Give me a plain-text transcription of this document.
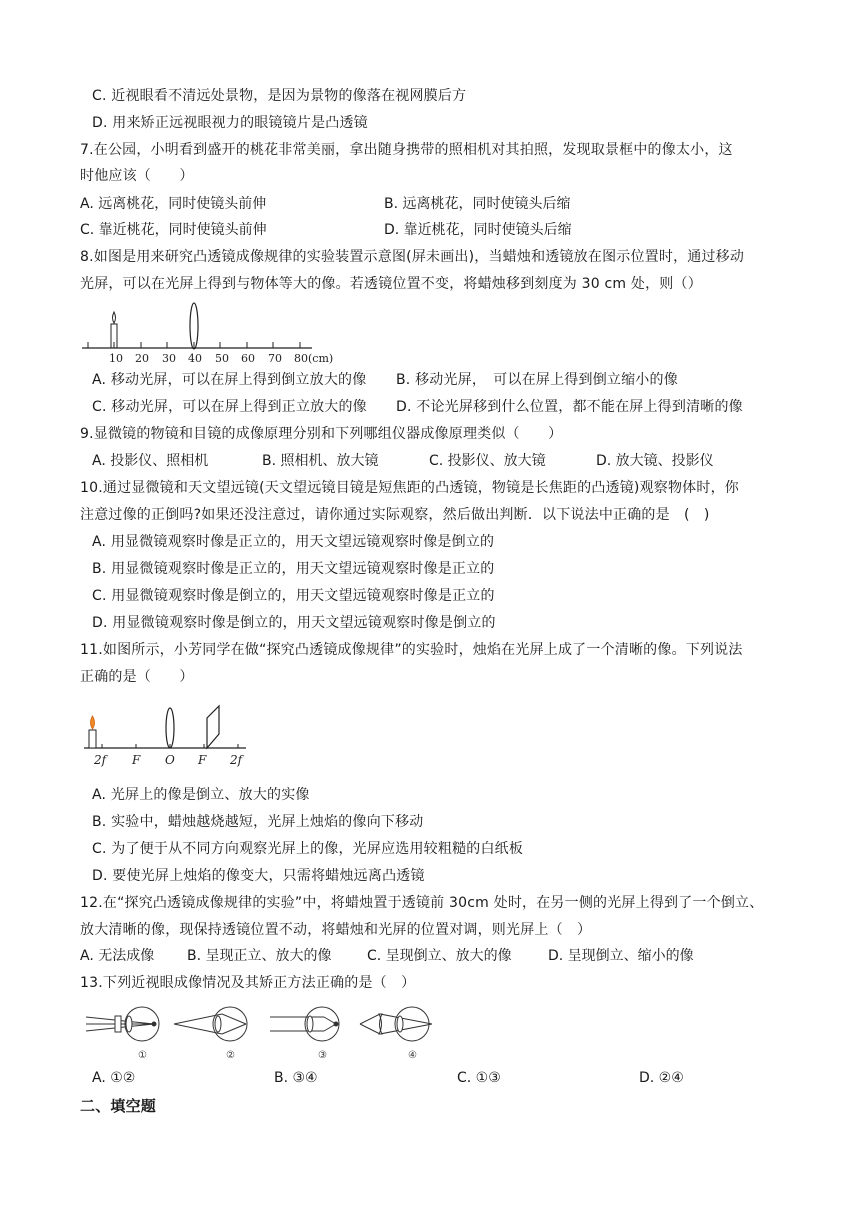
C. 近视眼看不清远处景物，是因为景物的像落在视网膜后方
D. 用来矫正远视眼视力的眼镜镜片是凸透镜
7.在公园，小明看到盛开的桃花非常美丽，拿出随身携带的照相机对其拍照，发现取景框中的像太小，这
时他应该（　　）
A. 远离桃花，同时使镜头前伸	B. 远离桃花，同时使镜头后缩
C. 靠近桃花，同时使镜头前伸	D. 靠近桃花，同时使镜头后缩
8.如图是用来研究凸透镜成像规律的实验装置示意图(屏未画出)，当蜡烛和透镜放在图示位置时，通过移动
光屏，可以在光屏上得到与物体等大的像。若透镜位置不变，将蜡烛移到刻度为 30 cm 处，则（）
10 20 30 40 50 60 70 80(cm)
A. 移动光屏，可以在屏上得到倒立放大的像 B. 移动光屏，　可以在屏上得到倒立缩小的像
C. 移动光屏，可以在屏上得到正立放大的像 D. 不论光屏移到什么位置，都不能在屏上得到清晰的像
9.显微镜的物镜和目镜的成像原理分别和下列哪组仪器成像原理类似（　　）
A. 投影仪、照相机	B. 照相机、放大镜	C. 投影仪、放大镜	D. 放大镜、投影仪
10.通过显微镜和天文望远镜(天文望远镜目镜是短焦距的凸透镜，物镜是长焦距的凸透镜)观察物体时，你
注意过像的正倒吗?如果还没注意过，请你通过实际观察，然后做出判断．以下说法中正确的是　(　)
A. 用显微镜观察时像是正立的，用天文望远镜观察时像是倒立的
B. 用显微镜观察时像是正立的，用天文望远镜观察时像是正立的
C. 用显微镜观察时像是倒立的，用天文望远镜观察时像是正立的
D. 用显微镜观察时像是倒立的，用天文望远镜观察时像是倒立的
11.如图所示，小芳同学在做“探究凸透镜成像规律”的实验时，烛焰在光屏上成了一个清晰的像。下列说法
正确的是（　　）
2f F O F 2f
A. 光屏上的像是倒立、放大的实像
B. 实验中，蜡烛越烧越短，光屏上烛焰的像向下移动
C. 为了便于从不同方向观察光屏上的像，光屏应选用较粗糙的白纸板
D. 要使光屏上烛焰的像变大，只需将蜡烛远离凸透镜
12.在“探究凸透镜成像规律的实验”中，将蜡烛置于透镜前 30cm 处时，在另一侧的光屏上得到了一个倒立、
放大清晰的像，现保持透镜位置不动，将蜡烛和光屏的位置对调，则光屏上（　）
A. 无法成像 B. 呈现正立、放大的像	C. 呈现倒立、放大的像	D. 呈现倒立、缩小的像
13.下列近视眼成像情况及其矫正方法正确的是（　）
①	②	③	④
A. ①②	B. ③④	C. ①③	D. ②④
二、填空题
